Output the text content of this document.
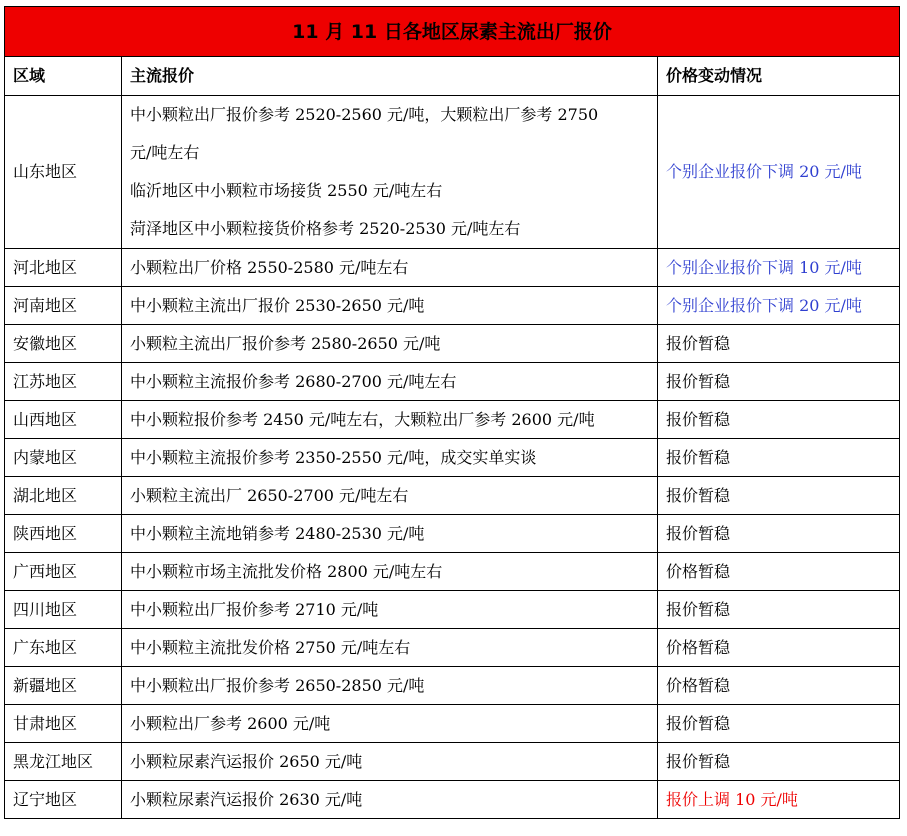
11 月 11 日各地区尿素主流出厂报价		
区域	主流报价	价格变动情况
山东地区	中小颗粒出厂报价参考 2520-2560 元/吨，大颗粒出厂参考 2750
元/吨左右
临沂地区中小颗粒市场接货 2550 元/吨左右
菏泽地区中小颗粒接货价格参考 2520-2530 元/吨左右	个别企业报价下调 20 元/吨
河北地区	小颗粒出厂价格 2550-2580 元/吨左右	个别企业报价下调 10 元/吨
河南地区	中小颗粒主流出厂报价 2530-2650 元/吨	个别企业报价下调 20 元/吨
安徽地区	小颗粒主流出厂报价参考 2580-2650 元/吨	报价暂稳
江苏地区	中小颗粒主流报价参考 2680-2700 元/吨左右	报价暂稳
山西地区	中小颗粒报价参考 2450 元/吨左右，大颗粒出厂参考 2600 元/吨	报价暂稳
内蒙地区	中小颗粒主流报价参考 2350-2550 元/吨，成交实单实谈	报价暂稳
湖北地区	小颗粒主流出厂 2650-2700 元/吨左右	报价暂稳
陕西地区	中小颗粒主流地销参考 2480-2530 元/吨	报价暂稳
广西地区	中小颗粒市场主流批发价格 2800 元/吨左右	价格暂稳
四川地区	中小颗粒出厂报价参考 2710 元/吨	报价暂稳
广东地区	中小颗粒主流批发价格 2750 元/吨左右	价格暂稳
新疆地区	中小颗粒出厂报价参考 2650-2850 元/吨	价格暂稳
甘肃地区	小颗粒出厂参考 2600 元/吨	报价暂稳
黑龙江地区	小颗粒尿素汽运报价 2650 元/吨	报价暂稳
辽宁地区	小颗粒尿素汽运报价 2630 元/吨	报价上调 10 元/吨
